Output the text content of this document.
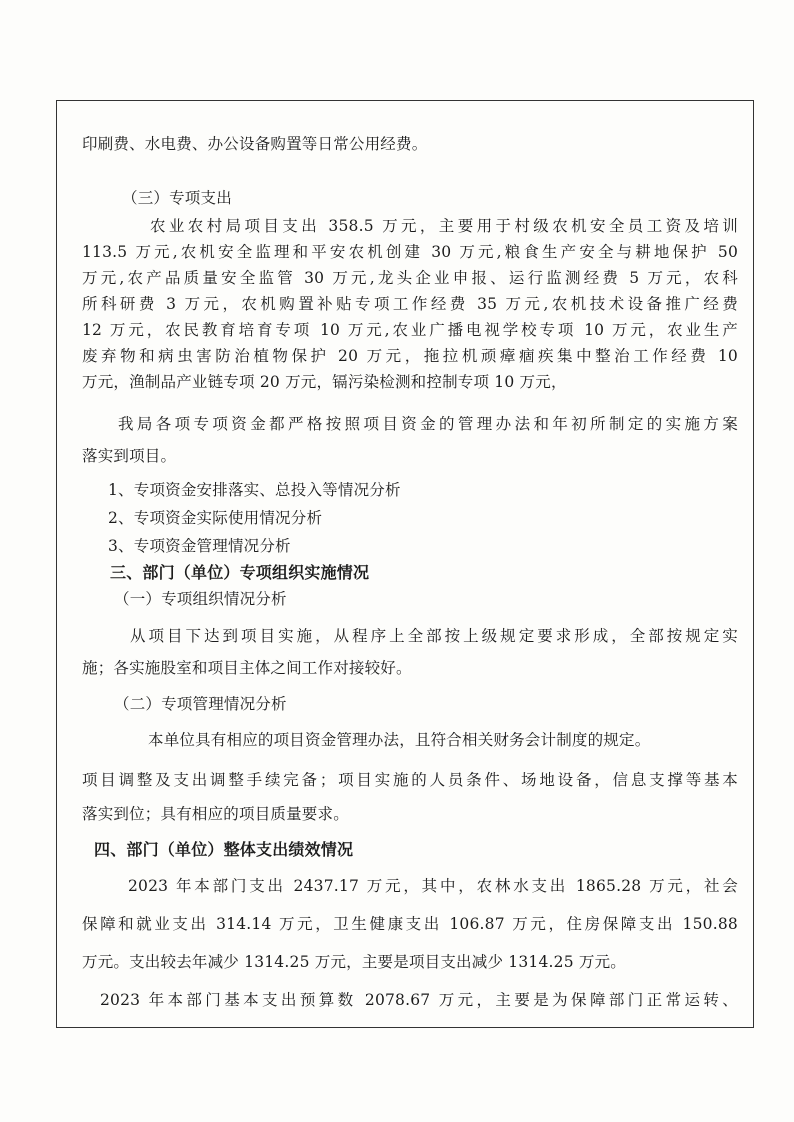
印刷费、水电费、办公设备购置等日常公用经费。
（三）专项支出
农业农村局项目支出 358.5 万元，主要用于村级农机安全员工资及培训
113.5 万元,农机安全监理和平安农机创建 30 万元,粮食生产安全与耕地保护 50
万元,农产品质量安全监管 30 万元,龙头企业申报、运行监测经费 5 万元，农科
所科研费 3 万元，农机购置补贴专项工作经费 35 万元,农机技术设备推广经费
12 万元，农民教育培育专项 10 万元,农业广播电视学校专项 10 万元，农业生产
废弃物和病虫害防治植物保护 20 万元，拖拉机顽瘴痼疾集中整治工作经费 10
万元，渔制品产业链专项 20 万元，镉污染检测和控制专项 10 万元，
我局各项专项资金都严格按照项目资金的管理办法和年初所制定的实施方案
落实到项目。
1、专项资金安排落实、总投入等情况分析
2、专项资金实际使用情况分析
3、专项资金管理情况分析
三、部门（单位）专项组织实施情况
（一）专项组织情况分析
从项目下达到项目实施，从程序上全部按上级规定要求形成，全部按规定实
施；各实施股室和项目主体之间工作对接较好。
（二）专项管理情况分析
本单位具有相应的项目资金管理办法，且符合相关财务会计制度的规定。
项目调整及支出调整手续完备；项目实施的人员条件、场地设备，信息支撑等基本
落实到位；具有相应的项目质量要求。
四、部门（单位）整体支出绩效情况
2023 年本部门支出 2437.17 万元，其中，农林水支出 1865.28 万元，社会
保障和就业支出 314.14 万元，卫生健康支出 106.87 万元，住房保障支出 150.88
万元。支出较去年减少 1314.25 万元，主要是项目支出减少 1314.25 万元。
2023 年本部门基本支出预算数 2078.67 万元，主要是为保障部门正常运转、
